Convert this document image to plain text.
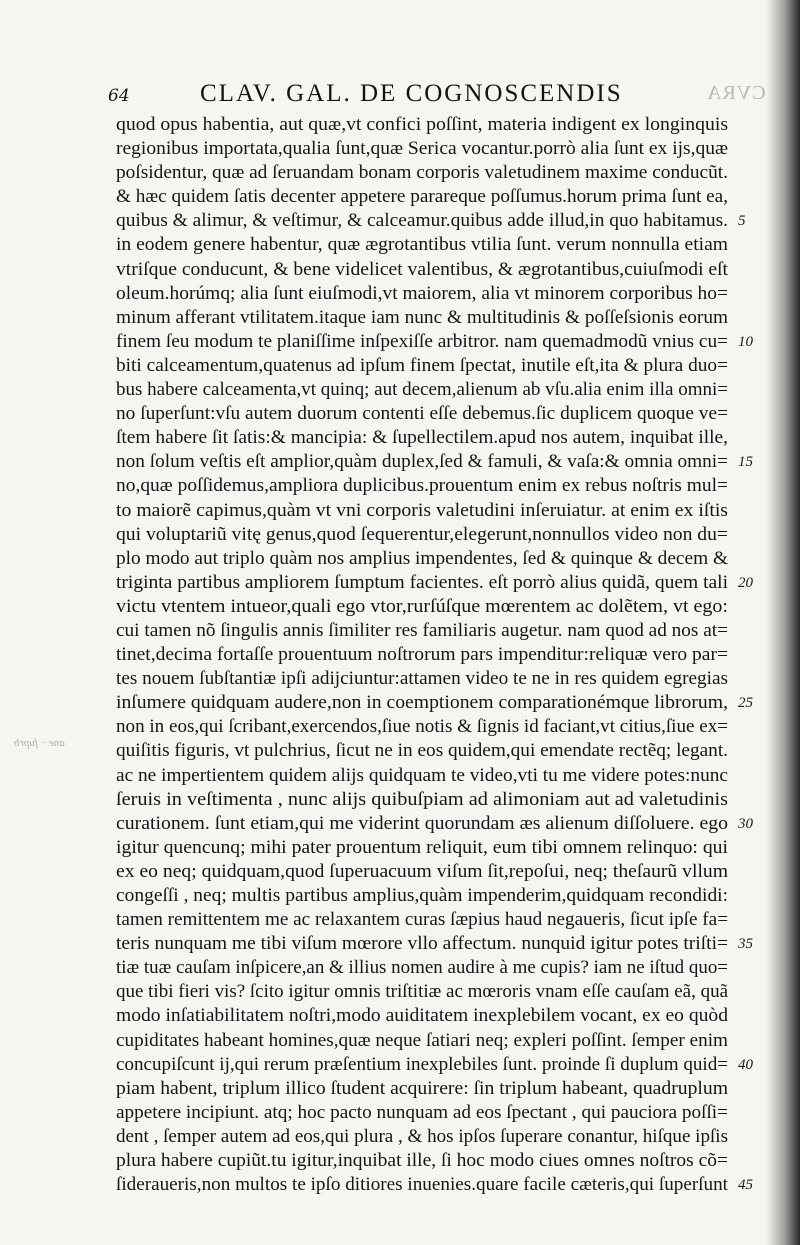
64	CLAV. GAL. DE COGNOSCENDIS	CVRA
ane ·· fuprb
quod opus habentia, aut quæ,vt confici poſſint, materia indigent ex longinquis
regionibus importata,qualia ſunt,quæ Serica vocantur.porrò alia ſunt ex ijs,quæ
poſsidentur, quæ ad ſeruandam bonam corporis valetudinem maxime conducũt.
& hæc quidem ſatis decenter appetere parareque poſſumus.horum prima ſunt ea,
quibus & alimur, & veſtimur, & calceamur.quibus adde illud,in quo habitamus.
in eodem genere habentur, quæ ægrotantibus vtilia ſunt. verum nonnulla etiam
vtriſque conducunt, & bene videlicet valentibus, & ægrotantibus,cuiuſmodi eſt
oleum.horúmq; alia ſunt eiuſmodi,vt maiorem, alia vt minorem corporibus ho=
minum afferant vtilitatem.itaque iam nunc & multitudinis & poſſeſsionis eorum
finem ſeu modum te planiſſime inſpexiſſe arbitror. nam quemadmodũ vnius cu=
biti calceamentum,quatenus ad ipſum finem ſpectat, inutile eſt,ita & plura duo=
bus habere calceamenta,vt quinq; aut decem,alienum ab vſu.alia enim illa omni=
no ſuperſunt:vſu autem duorum contenti eſſe debemus.ſic duplicem quoque ve=
ſtem habere ſit ſatis:& mancipia: & ſupellectilem.apud nos autem, inquibat ille,
non ſolum veſtis eſt amplior,quàm duplex,ſed & famuli, & vaſa:& omnia omni=
no,quæ poſſidemus,ampliora duplicibus.prouentum enim ex rebus noſtris mul=
to maiorẽ capimus,quàm vt vni corporis valetudini inſeruiatur. at enim ex iſtis
qui voluptariũ vitę genus,quod ſequerentur,elegerunt,nonnullos video non du=
plo modo aut triplo quàm nos amplius impendentes, ſed & quinque & decem &
triginta partibus ampliorem ſumptum facientes. eſt porrò alius quidã, quem tali
victu vtentem intueor,quali ego vtor,rurſúſque mœrentem ac dolẽtem, vt ego:
cui tamen nõ ſingulis annis ſimiliter res familiaris augetur. nam quod ad nos at=
tinet,decima fortaſſe prouentuum noſtrorum pars impenditur:reliquæ vero par=
tes nouem ſubſtantiæ ipſi adijciuntur:attamen video te ne in res quidem egregias
inſumere quidquam audere,non in coemptionem comparationémque librorum,
non in eos,qui ſcribant,exercendos,ſiue notis & ſignis id faciant,vt citius,ſiue ex=
quiſitis figuris, vt pulchrius, ſicut ne in eos quidem,qui emendate rectẽq; legant.
ac ne impertientem quidem alijs quidquam te video,vti tu me videre potes:nunc
ſeruis in veſtimenta , nunc alijs quibuſpiam ad alimoniam aut ad valetudinis
curationem. ſunt etiam,qui me viderint quorundam æs alienum diſſoluere. ego
igitur quencunq; mihi pater prouentum reliquit, eum tibi omnem relinquo: qui
ex eo neq; quidquam,quod ſuperuacuum viſum ſit,repoſui, neq; theſaurũ vllum
congeſſi , neq; multis partibus amplius,quàm impenderim,quidquam recondidi:
tamen remittentem me ac relaxantem curas ſæpius haud negaueris, ſicut ipſe fa=
teris nunquam me tibi viſum mœrore vllo affectum. nunquid igitur potes triſti=
tiæ tuæ cauſam inſpicere,an & illius nomen audire à me cupis? iam ne iſtud quo=
que tibi fieri vis? ſcito igitur omnis triſtitiæ ac mœroris vnam eſſe cauſam eã, quã
modo inſatiabilitatem noſtri,modo auiditatem inexplebilem vocant, ex eo quòd
cupiditates habeant homines,quæ neque ſatiari neq; expleri poſſint. ſemper enim
concupiſcunt ij,qui rerum præſentium inexplebiles ſunt. proinde ſi duplum quid=
piam habent, triplum illico ſtudent acquirere: ſin triplum habeant, quadruplum
appetere incipiunt. atq; hoc pacto nunquam ad eos ſpectant , qui pauciora poſſi=
dent , ſemper autem ad eos,qui plura , & hos ipſos ſuperare conantur, hiſque ipſis
plura habere cupiũt.tu igitur,inquibat ille, ſi hoc modo ciues omnes noſtros cõ=
ſideraueris,non multos te ipſo ditiores inuenies.quare facile cæteris,qui ſuperſunt
5
10
15
20
25
30
35
40
45
